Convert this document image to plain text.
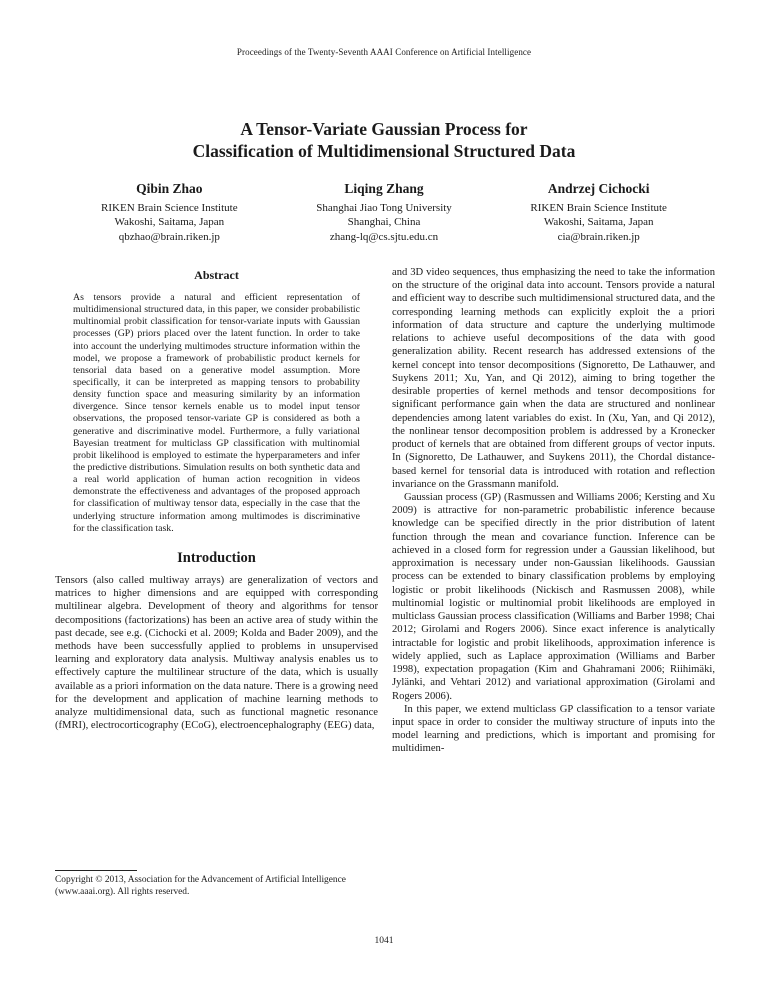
Proceedings of the Twenty-Seventh AAAI Conference on Artificial Intelligence
A Tensor-Variate Gaussian Process for
Classification of Multidimensional Structured Data
Qibin Zhao
RIKEN Brain Science Institute
Wakoshi, Saitama, Japan
qbzhao@brain.riken.jp
Liqing Zhang
Shanghai Jiao Tong University
Shanghai, China
zhang-lq@cs.sjtu.edu.cn
Andrzej Cichocki
RIKEN Brain Science Institute
Wakoshi, Saitama, Japan
cia@brain.riken.jp
Abstract

As tensors provide a natural and efficient representation of multidimensional structured data, in this paper, we consider probabilistic multinomial probit classification for tensor-variate inputs with Gaussian processes (GP) priors placed over the latent function. In order to take into account the underlying multimodes structure information within the model, we propose a framework of probabilistic product kernels for tensorial data based on a generative model assumption. More specifically, it can be interpreted as mapping tensors to probability density function space and measuring similarity by an information divergence. Since tensor kernels enable us to model input tensor observations, the proposed tensor-variate GP is considered as both a generative and discriminative model. Furthermore, a fully variational Bayesian treatment for multiclass GP classification with multinomial probit likelihood is employed to estimate the hyperparameters and infer the predictive distributions. Simulation results on both synthetic data and a real world application of human action recognition in videos demonstrate the effectiveness and advantages of the proposed approach for classification of multiway tensor data, especially in the case that the underlying structure information among multimodes is discriminative for the classification task.

Introduction

Tensors (also called multiway arrays) are generalization of vectors and matrices to higher dimensions and are equipped with corresponding multilinear algebra. Development of theory and algorithms for tensor decompositions (factorizations) has been an active area of study within the past decade, see e.g. (Cichocki et al. 2009; Kolda and Bader 2009), and the methods have been successfully applied to problems in unsupervised learning and exploratory data analysis. Multiway analysis enables us to effectively capture the multilinear structure of the data, which is usually available as a priori information on the data nature. There is a growing need for the development and application of machine learning methods to analyze multidimensional data, such as functional magnetic resonance (fMRI), electrocorticography (ECoG), electroencephalography (EEG) data,

Copyright © 2013, Association for the Advancement of Artificial Intelligence (www.aaai.org). All rights reserved.

and 3D video sequences, thus emphasizing the need to take the information on the structure of the original data into account. Tensors provide a natural and efficient way to describe such multidimensional structured data, and the corresponding learning methods can explicitly exploit the a priori information of data structure and capture the underlying multimode relations to achieve useful decompositions of the data with good generalization ability. Recent research has addressed extensions of the kernel concept into tensor decompositions (Signoretto, De Lathauwer, and Suykens 2011; Xu, Yan, and Qi 2012), aiming to bring together the desirable properties of kernel methods and tensor decompositions for significant performance gain when the data are structured and nonlinear dependencies among latent variables do exist. In (Xu, Yan, and Qi 2012), the nonlinear tensor decomposition problem is addressed by a Kronecker product of kernels that are obtained from different groups of vector inputs. In (Signoretto, De Lathauwer, and Suykens 2011), the Chordal distance-based kernel for tensorial data is introduced with rotation and reflection invariance on the Grassmann manifold.

Gaussian process (GP) (Rasmussen and Williams 2006; Kersting and Xu 2009) is attractive for non-parametric probabilistic inference because knowledge can be specified directly in the prior distribution of latent function through the mean and covariance function. Inference can be achieved in a closed form for regression under a Gaussian likelihood, but approximation is necessary under non-Gaussian likelihoods. Gaussian process can be extended to binary classification problems by employing logistic or probit likelihoods (Nickisch and Rasmussen 2008), while multinomial logistic or multinomial probit likelihoods are employed in multiclass Gaussian process classification (Williams and Barber 1998; Chai 2012; Girolami and Rogers 2006). Since exact inference is analytically intractable for logistic and probit likelihoods, approximation inference is widely applied, such as Laplace approximation (Williams and Barber 1998), expectation propagation (Kim and Ghahramani 2006; Riihimäki, Jylänki, and Vehtari 2012) and variational approximation (Girolami and Rogers 2006).

In this paper, we extend multiclass GP classification to a tensor variate input space in order to consider the multiway structure of inputs into the model learning and predictions, which is important and promising for multidimen-

1041
